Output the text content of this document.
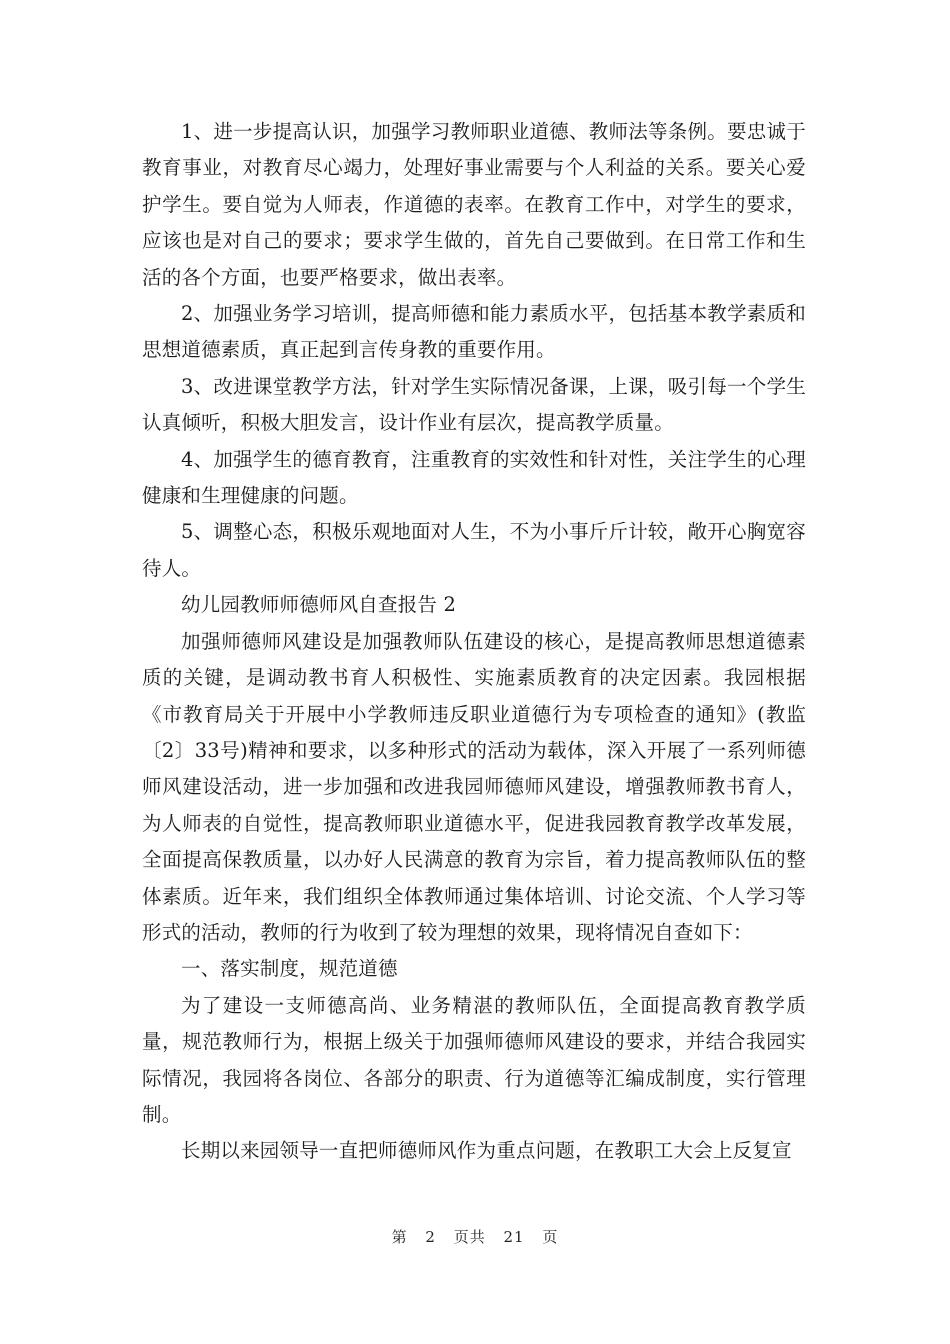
1、进一步提高认识，加强学习教师职业道德、教师法等条例。要忠诚于教育事业，对教育尽心竭力，处理好事业需要与个人利益的关系。要关心爱护学生。要自觉为人师表，作道德的表率。在教育工作中，对学生的要求，应该也是对自己的要求；要求学生做的，首先自己要做到。在日常工作和生活的各个方面，也要严格要求，做出表率。

2、加强业务学习培训，提高师德和能力素质水平，包括基本教学素质和思想道德素质，真正起到言传身教的重要作用。

3、改进课堂教学方法，针对学生实际情况备课，上课，吸引每一个学生认真倾听，积极大胆发言，设计作业有层次，提高教学质量。

4、加强学生的德育教育，注重教育的实效性和针对性，关注学生的心理健康和生理健康的问题。

5、调整心态，积极乐观地面对人生，不为小事斤斤计较，敞开心胸宽容待人。

幼儿园教师师德师风自查报告 2

加强师德师风建设是加强教师队伍建设的核心，是提高教师思想道德素质的关键，是调动教书育人积极性、实施素质教育的决定因素。我园根据《市教育局关于开展中小学教师违反职业道德行为专项检查的通知》(教监〔2〕33号)精神和要求，以多种形式的活动为载体，深入开展了一系列师德师风建设活动，进一步加强和改进我园师德师风建设，增强教师教书育人，为人师表的自觉性，提高教师职业道德水平，促进我园教育教学改革发展，全面提高保教质量，以办好人民满意的教育为宗旨，着力提高教师队伍的整体素质。近年来，我们组织全体教师通过集体培训、讨论交流、个人学习等形式的活动，教师的行为收到了较为理想的效果，现将情况自查如下：

一、落实制度，规范道德

为了建设一支师德高尚、业务精湛的教师队伍，全面提高教育教学质量，规范教师行为，根据上级关于加强师德师风建设的要求，并结合我园实际情况，我园将各岗位、各部分的职责、行为道德等汇编成制度，实行管理制。

长期以来园领导一直把师德师风作为重点问题，在教职工大会上反复宣

第 2 页共 21 页
